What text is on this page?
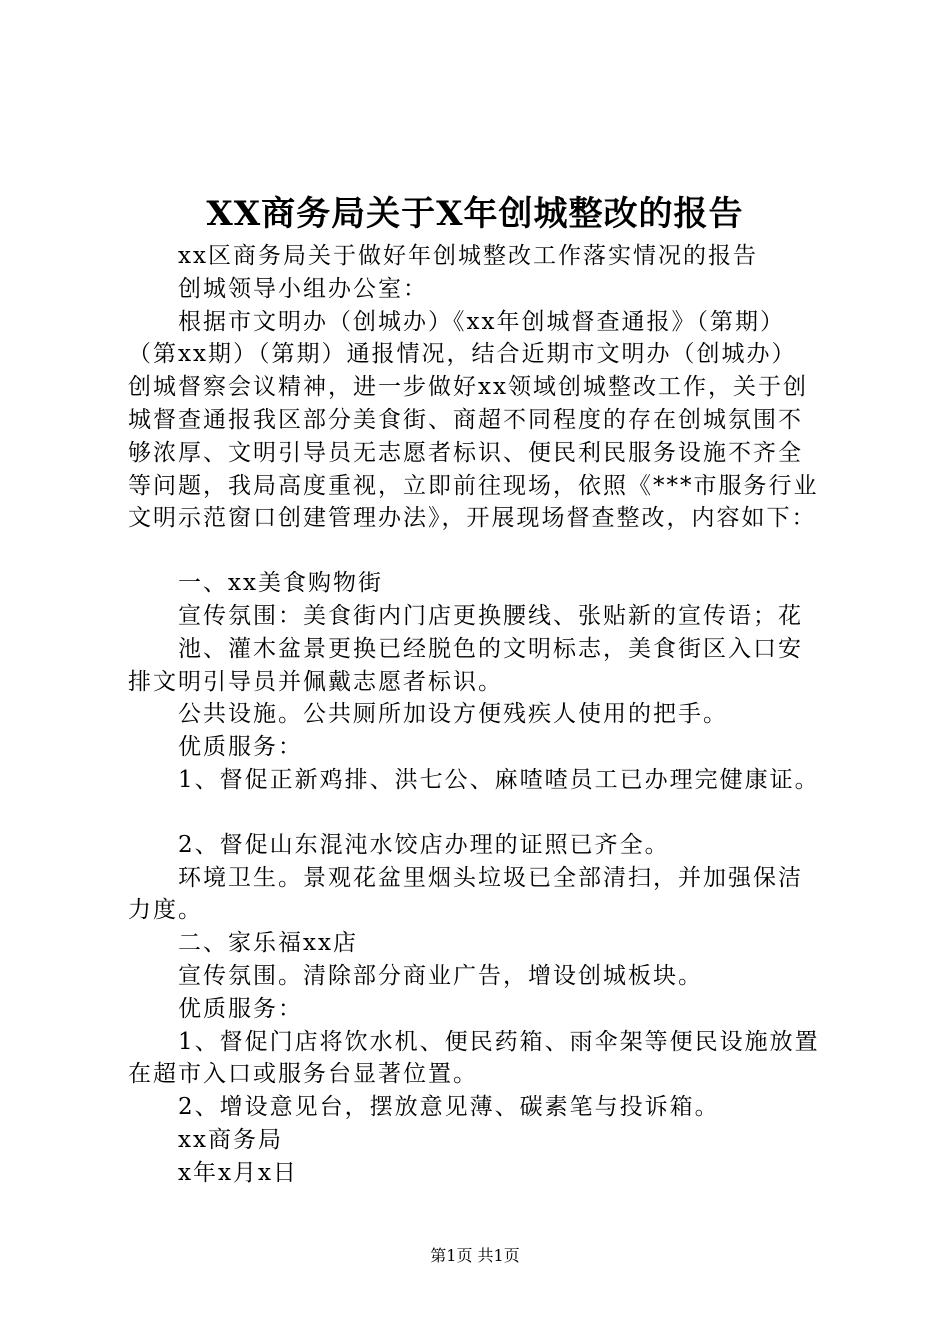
XX商务局关于X年创城整改的报告
xx区商务局关于做好年创城整改工作落实情况的报告
创城领导小组办公室：
根据市文明办（创城办）《xx年创城督查通报》（第期）
（第xx期）（第期）通报情况，结合近期市文明办（创城办）
创城督察会议精神，进一步做好xx领域创城整改工作，关于创
城督查通报我区部分美食街、商超不同程度的存在创城氛围不
够浓厚、文明引导员无志愿者标识、便民利民服务设施不齐全
等问题，我局高度重视，立即前往现场，依照《***市服务行业
文明示范窗口创建管理办法》，开展现场督查整改，内容如下：
一、xx美食购物街
宣传氛围：美食街内门店更换腰线、张贴新的宣传语；花
池、灌木盆景更换已经脱色的文明标志，美食街区入口安
排文明引导员并佩戴志愿者标识。
公共设施。公共厕所加设方便残疾人使用的把手。
优质服务：
1、督促正新鸡排、洪七公、麻喳喳员工已办理完健康证。
2、督促山东混沌水饺店办理的证照已齐全。
环境卫生。景观花盆里烟头垃圾已全部清扫，并加强保洁
力度。
二、家乐福xx店
宣传氛围。清除部分商业广告，增设创城板块。
优质服务：
1、督促门店将饮水机、便民药箱、雨伞架等便民设施放置
在超市入口或服务台显著位置。
2、增设意见台，摆放意见薄、碳素笔与投诉箱。
xx商务局
x年x月x日
第1页 共1页
